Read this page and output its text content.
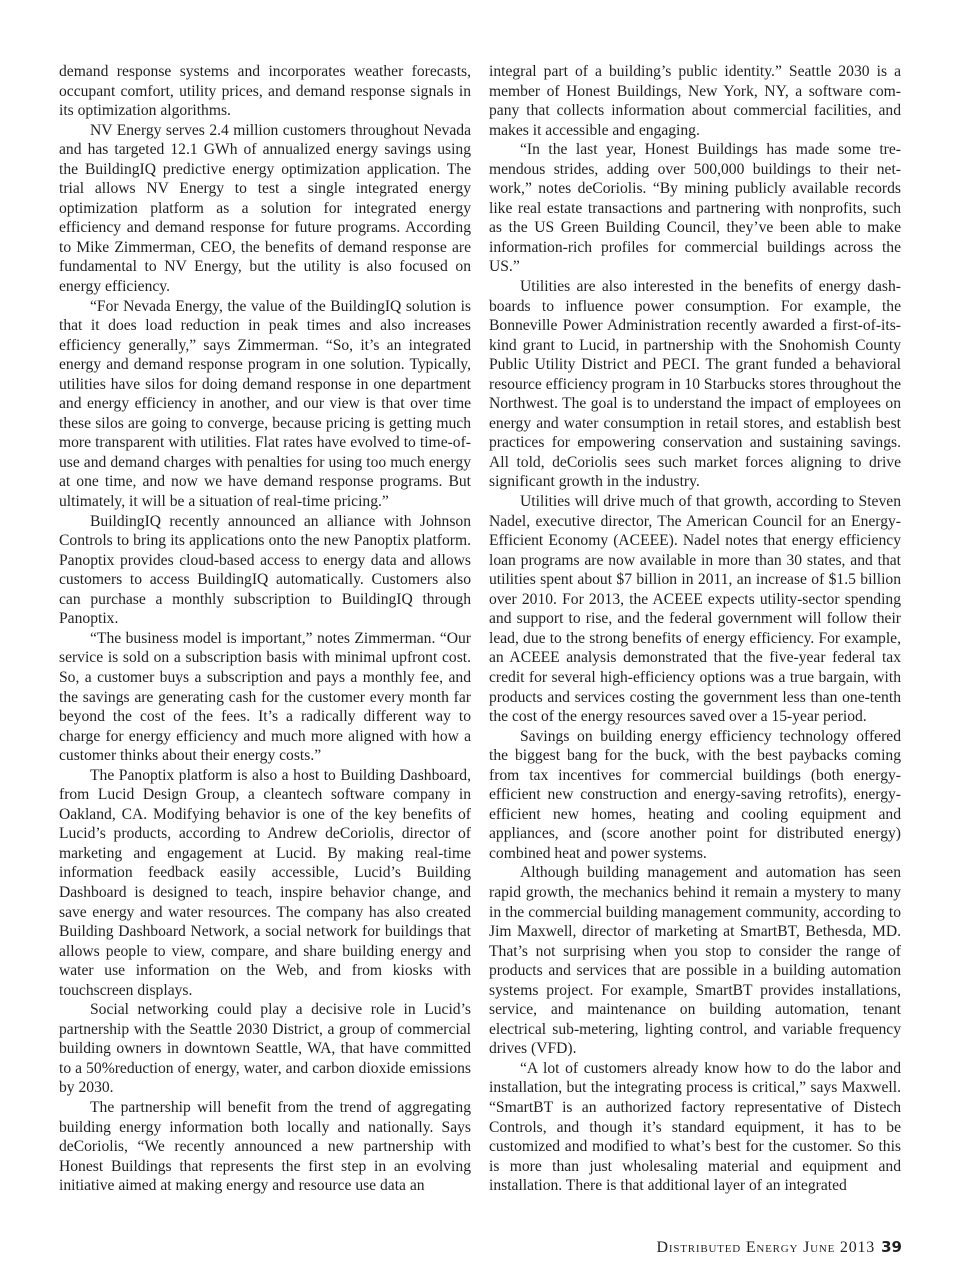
demand response systems and incorporates weather forecasts, occupant comfort, utility prices, and demand response signals in its optimization algorithms.

NV Energy serves 2.4 million customers throughout Nevada and has targeted 12.1 GWh of annualized energy savings using the BuildingIQ predictive energy optimization application. The trial allows NV Energy to test a single integrated energy optimization platform as a solution for integrated energy efficiency and demand response for future programs. According to Mike Zimmerman, CEO, the benefits of demand response are fundamental to NV Energy, but the utility is also focused on energy efficiency.

“For Nevada Energy, the value of the BuildingIQ solution is that it does load reduction in peak times and also increases efficiency generally,” says Zimmerman. “So, it’s an integrated energy and demand response program in one solution. Typically, utilities have silos for doing demand response in one department and energy efficiency in another, and our view is that over time these silos are going to converge, because pricing is getting much more transparent with utilities. Flat rates have evolved to time-of-use and demand charges with penalties for using too much energy at one time, and now we have demand response programs. But ultimately, it will be a situation of real-time pricing.”

BuildingIQ recently announced an alliance with Johnson Controls to bring its applications onto the new Panoptix platform. Panoptix provides cloud-based access to energy data and allows customers to access BuildingIQ automatically. Customers also can purchase a monthly subscription to BuildingIQ through Panoptix.

“The business model is important,” notes Zimmerman. “Our service is sold on a subscription basis with minimal upfront cost. So, a customer buys a subscription and pays a monthly fee, and the savings are generating cash for the customer every month far beyond the cost of the fees. It’s a radically different way to charge for energy efficiency and much more aligned with how a customer thinks about their energy costs.”

The Panoptix platform is also a host to Building Dashboard, from Lucid Design Group, a cleantech software company in Oakland, CA. Modifying behavior is one of the key benefits of Lucid’s products, according to Andrew deCoriolis, director of marketing and engagement at Lucid. By making real-time information feedback easily accessible, Lucid’s Building Dashboard is designed to teach, inspire behavior change, and save energy and water resources. The company has also created Building Dashboard Network, a social network for buildings that allows people to view, compare, and share building energy and water use information on the Web, and from kiosks with touchscreen displays.

Social networking could play a decisive role in Lucid’s partnership with the Seattle 2030 District, a group of commercial building owners in downtown Seattle, WA, that have committed to a 50%reduction of energy, water, and carbon dioxide emissions by 2030.

The partnership will benefit from the trend of aggregating building energy information both locally and nationally. Says deCoriolis, “We recently announced a new partnership with Honest Buildings that represents the first step in an evolving initiative aimed at making energy and resource use data an

integral part of a building’s public identity.” Seattle 2030 is a member of Honest Buildings, New York, NY, a software company that collects information about commercial facilities, and makes it accessible and engaging.

“In the last year, Honest Buildings has made some tremendous strides, adding over 500,000 buildings to their network,” notes deCoriolis. “By mining publicly available records like real estate transactions and partnering with nonprofits, such as the US Green Building Council, they’ve been able to make information-rich profiles for commercial buildings across the US.”

Utilities are also interested in the benefits of energy dashboards to influence power consumption. For example, the Bonneville Power Administration recently awarded a first-of-its-kind grant to Lucid, in partnership with the Snohomish County Public Utility District and PECI. The grant funded a behavioral resource efficiency program in 10 Starbucks stores throughout the Northwest. The goal is to understand the impact of employees on energy and water consumption in retail stores, and establish best practices for empowering conservation and sustaining savings. All told, deCoriolis sees such market forces aligning to drive significant growth in the industry.

Utilities will drive much of that growth, according to Steven Nadel, executive director, The American Council for an Energy-Efficient Economy (ACEEE). Nadel notes that energy efficiency loan programs are now available in more than 30 states, and that utilities spent about $7 billion in 2011, an increase of $1.5 billion over 2010. For 2013, the ACEEE expects utility-sector spending and support to rise, and the federal government will follow their lead, due to the strong benefits of energy efficiency. For example, an ACEEE analysis demonstrated that the five-year federal tax credit for several high-efficiency options was a true bargain, with products and services costing the government less than one-tenth the cost of the energy resources saved over a 15-year period.

Savings on building energy efficiency technology offered the biggest bang for the buck, with the best paybacks coming from tax incentives for commercial buildings (both energy-efficient new construction and energy-saving retrofits), energy-efficient new homes, heating and cooling equipment and appliances, and (score another point for distributed energy) combined heat and power systems.

Although building management and automation has seen rapid growth, the mechanics behind it remain a mystery to many in the commercial building management community, according to Jim Maxwell, director of marketing at SmartBT, Bethesda, MD. That’s not surprising when you stop to consider the range of products and services that are possible in a building automation systems project. For example, SmartBT provides installations, service, and maintenance on building automation, tenant electrical sub-metering, lighting control, and variable frequency drives (VFD).

“A lot of customers already know how to do the labor and installation, but the integrating process is critical,” says Maxwell. “SmartBT is an authorized factory representative of Distech Controls, and though it’s standard equipment, it has to be customized and modified to what’s best for the customer. So this is more than just wholesaling material and equipment and installation. There is that additional layer of an integrated

Distributed Energy June 2013 39
